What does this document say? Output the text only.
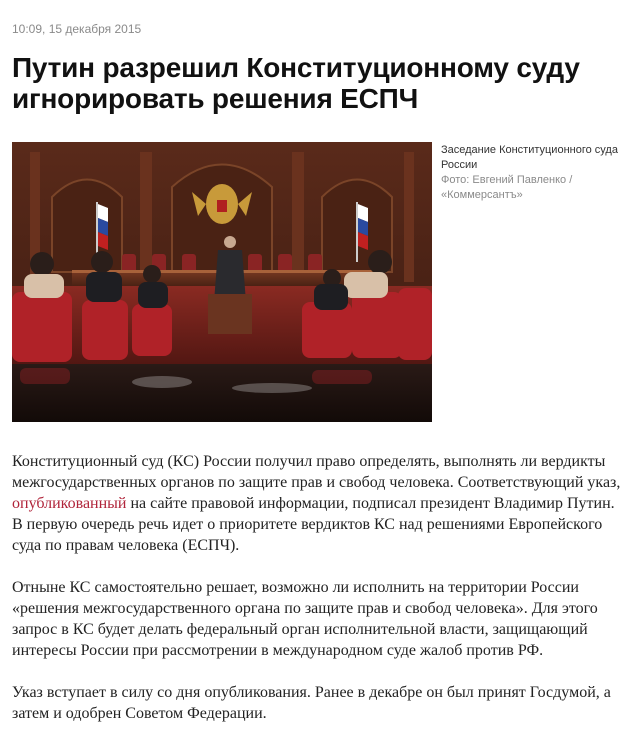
10:09, 15 декабря 2015
Путин разрешил Конституционному суду игнорировать решения ЕСПЧ
Заседание Конституционного суда России
Фото: Евгений Павленко / «Коммерсантъ»

Конституционный суд (КС) России получил право определять, выполнять ли вердикты межгосударственных органов по защите прав и свобод человека. Соответствующий указ, опубликованный на сайте правовой информации, подписал президент Владимир Путин. В первую очередь речь идет о приоритете вердиктов КС над решениями Европейского суда по правам человека (ЕСПЧ).

Отныне КС самостоятельно решает, возможно ли исполнить на территории России «решения межгосударственного органа по защите прав и свобод человека». Для этого запрос в КС будет делать федеральный орган исполнительной власти, защищающий интересы России при рассмотрении в международном суде жалоб против РФ.

Указ вступает в силу со дня опубликования. Ранее в декабре он был принят Госдумой, а затем и одобрен Советом Федерации.
